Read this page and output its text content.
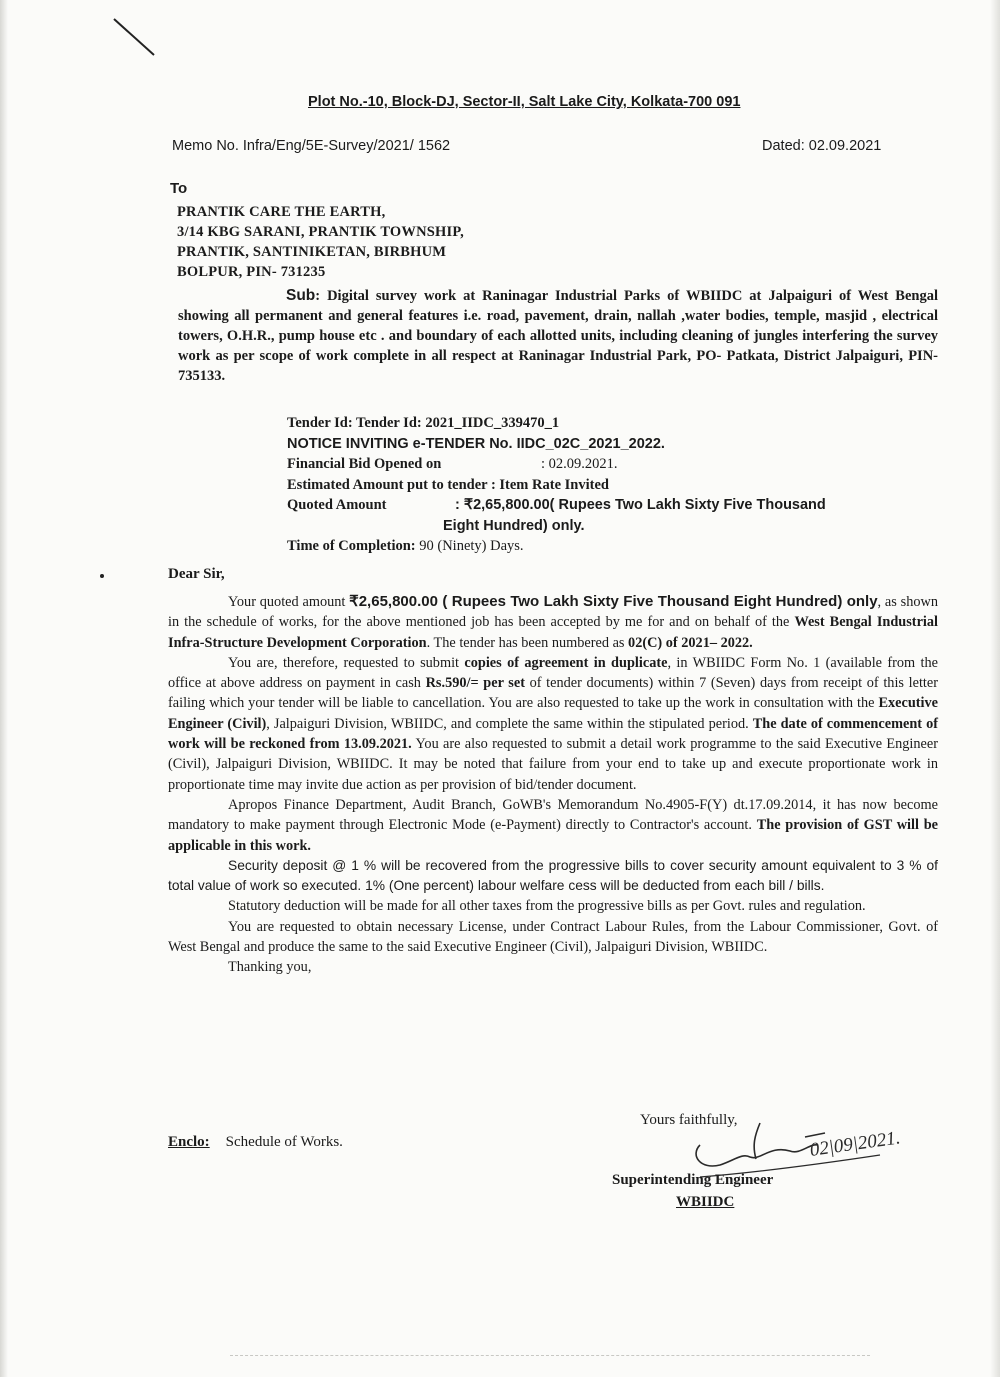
Plot No.-10, Block-DJ, Sector-II, Salt Lake City, Kolkata-700 091
Memo No. Infra/Eng/5E-Survey/2021/ 1562	Dated: 02.09.2021
To
PRANTIK CARE THE EARTH,
3/14 KBG SARANI, PRANTIK TOWNSHIP,
PRANTIK, SANTINIKETAN, BIRBHUM
BOLPUR, PIN- 731235
Sub: Digital survey work at Raninagar Industrial Parks of WBIIDC at Jalpaiguri of West Bengal showing all permanent and general features i.e. road, pavement, drain, nallah ,water bodies, temple, masjid , electrical towers, O.H.R., pump house etc . and boundary of each allotted units, including cleaning of jungles interfering the survey work as per scope of work complete in all respect at Raninagar Industrial Park, PO- Patkata, District Jalpaiguri, PIN-735133.
Tender Id: Tender Id: 2021_IIDC_339470_1
NOTICE INVITING e-TENDER No. IIDC_02C_2021_2022.
Financial Bid Opened on	: 02.09.2021.
Estimated Amount put to tender : Item Rate Invited
Quoted Amount	: ₹2,65,800.00( Rupees Two Lakh Sixty Five Thousand
Eight Hundred) only.
Time of Completion: 90 (Ninety) Days.
Dear Sir,

Your quoted amount ₹2,65,800.00 ( Rupees Two Lakh Sixty Five Thousand Eight Hundred) only, as shown in the schedule of works, for the above mentioned job has been accepted by me for and on behalf of the West Bengal Industrial Infra-Structure Development Corporation. The tender has been numbered as 02(C) of 2021– 2022.

You are, therefore, requested to submit copies of agreement in duplicate, in WBIIDC Form No. 1 (available from the office at above address on payment in cash Rs.590/= per set of tender documents) within 7 (Seven) days from receipt of this letter failing which your tender will be liable to cancellation. You are also requested to take up the work in consultation with the Executive Engineer (Civil), Jalpaiguri Division, WBIIDC, and complete the same within the stipulated period. The date of commencement of work will be reckoned from 13.09.2021. You are also requested to submit a detail work programme to the said Executive Engineer (Civil), Jalpaiguri Division, WBIIDC. It may be noted that failure from your end to take up and execute proportionate work in proportionate time may invite due action as per provision of bid/tender document.

Apropos Finance Department, Audit Branch, GoWB's Memorandum No.4905-F(Y) dt.17.09.2014, it has now become mandatory to make payment through Electronic Mode (e-Payment) directly to Contractor's account. The provision of GST will be applicable in this work.

Security deposit @ 1 % will be recovered from the progressive bills to cover security amount equivalent to 3 % of total value of work so executed. 1% (One percent) labour welfare cess will be deducted from each bill / bills.

Statutory deduction will be made for all other taxes from the progressive bills as per Govt. rules and regulation.

You are requested to obtain necessary License, under Contract Labour Rules, from the Labour Commissioner, Govt. of West Bengal and produce the same to the said Executive Engineer (Civil), Jalpaiguri Division, WBIIDC.

Thanking you,

Yours faithfully,
02|09|2021.
Superintending Engineer
WBIIDC
Enclo: Schedule of Works.
